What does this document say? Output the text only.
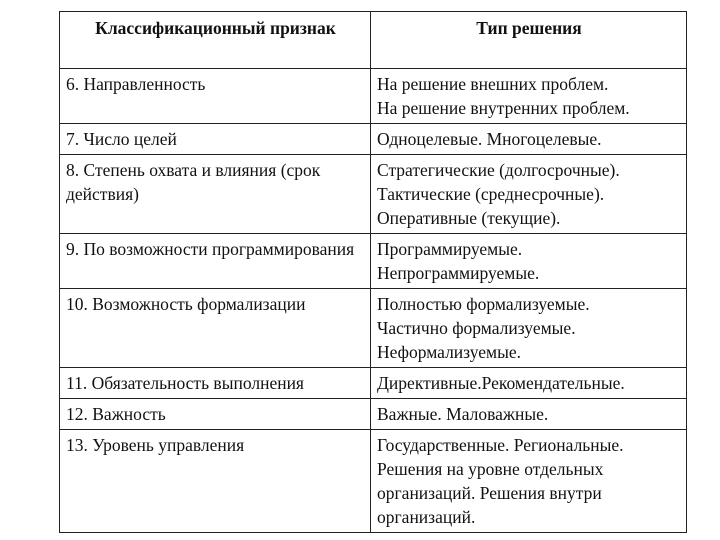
Классификационный признак	Тип решения
6. Направленность	На решение внешних проблем.
На решение внутренних проблем.
7. Число целей	Одноцелевые. Многоцелевые.
8. Степень охвата и влияния (срок действия)	Стратегические (долгосрочные).
Тактические (среднесрочные).
Оперативные (текущие).
9. По возможности программирования	Программируемые.
Непрограммируемые.
10. Возможность формализации	Полностью формализуемые.
Частично формализуемые.
Неформализуемые.
11. Обязательность выполнения	Директивные.Рекомендательные.
12. Важность	Важные. Маловажные.
13. Уровень управления	Государственные. Региональные.
Решения на уровне отдельных организаций. Решения внутри организаций.
